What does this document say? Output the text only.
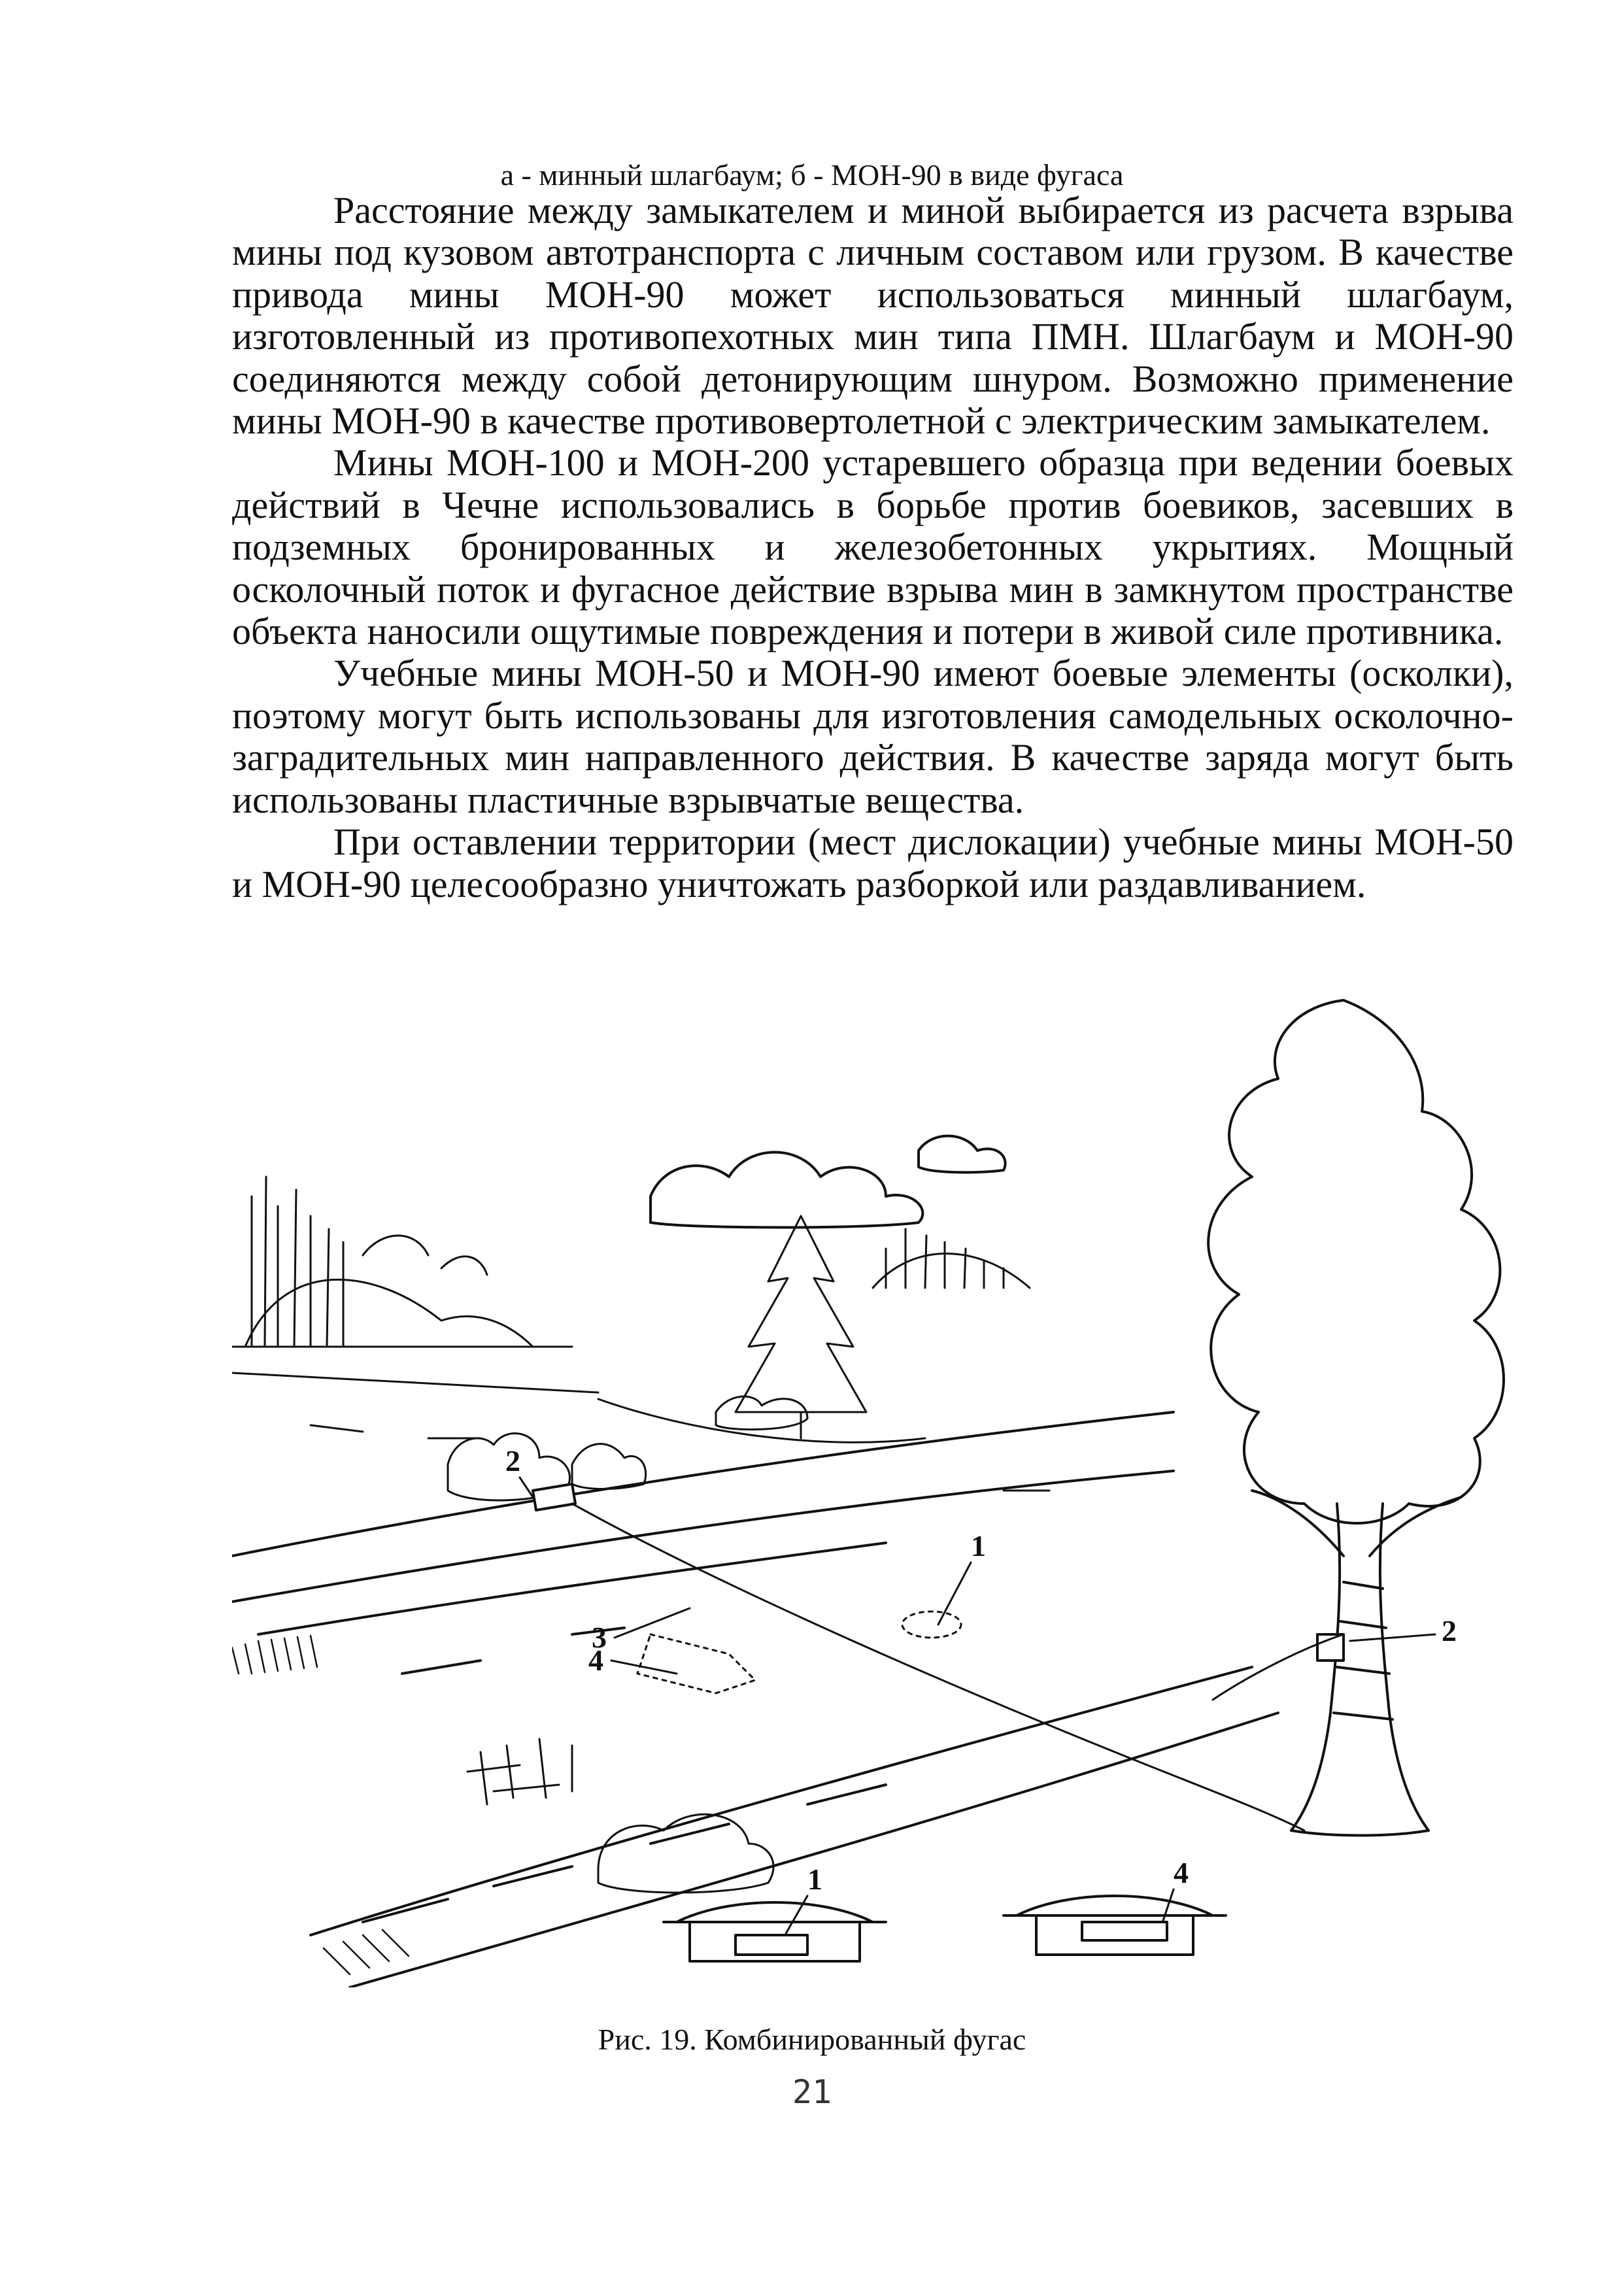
а - минный шлагбаум; б - МОН-90 в виде фугаса

Расстояние между замыкателем и миной выбирается из расчета взрыва мины под кузовом автотранспорта с личным составом или грузом. В качестве привода мины МОН-90 может использоваться минный шлагбаум, изготовленный из противопехотных мин типа ПМН. Шлагбаум и МОН-90 соединяются между собой детонирующим шнуром. Возможно применение мины МОН-90 в качестве противовертолетной с электрическим замыкателем.

Мины МОН-100 и МОН-200 устаревшего образца при ведении боевых действий в Чечне использовались в борьбе против боевиков, засевших в подземных бронированных и железобетонных укрытиях. Мощный осколочный поток и фугасное действие взрыва мин в замкнутом пространстве объекта наносили ощутимые повреждения и потери в живой силе противника.

Учебные мины МОН-50 и МОН-90 имеют боевые элементы (осколки), поэтому могут быть использованы для изготовления самодельных осколочно-заградительных мин направленного действия. В качестве заряда могут быть использованы пластичные взрывчатые вещества.

При оставлении территории (мест дислокации) учебные мины МОН-50 и МОН-90 целесообразно уничтожать разборкой или раздавливанием.

2
1
3
4
2
1	4
Рис. 19. Комбинированный фугас
21
